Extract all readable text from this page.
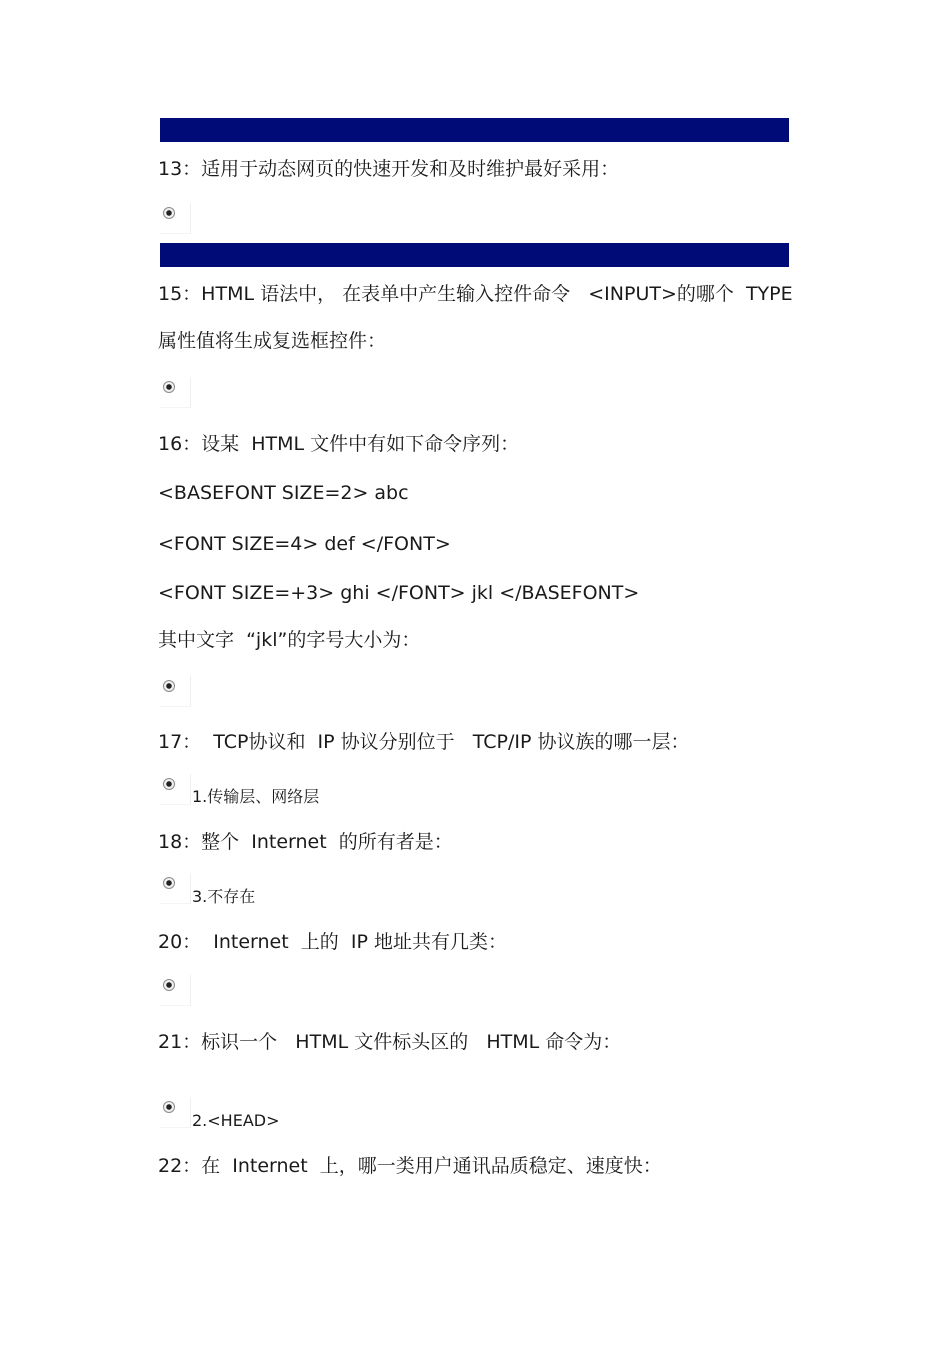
13：适用于动态网页的快速开发和及时维护最好采用：
15：HTML 语法中， 在表单中产生输入控件命令   <INPUT>的哪个  TYPE
属性值将生成复选框控件：
16：设某  HTML 文件中有如下命令序列：
<BASEFONT SIZE=2> abc
<FONT SIZE=4> def </FONT>
<FONT SIZE=+3> ghi </FONT> jkl </BASEFONT>
其中文字  “jkl”的字号大小为：
17：  TCP协议和  IP 协议分别位于   TCP/IP 协议族的哪一层：
1.传输层、网络层
18：整个  Internet  的所有者是：
3.不存在
20：  Internet  上的  IP 地址共有几类：
21：标识一个   HTML 文件标头区的   HTML 命令为：
2.<HEAD>
22：在  Internet  上，哪一类用户通讯品质稳定、速度快：
